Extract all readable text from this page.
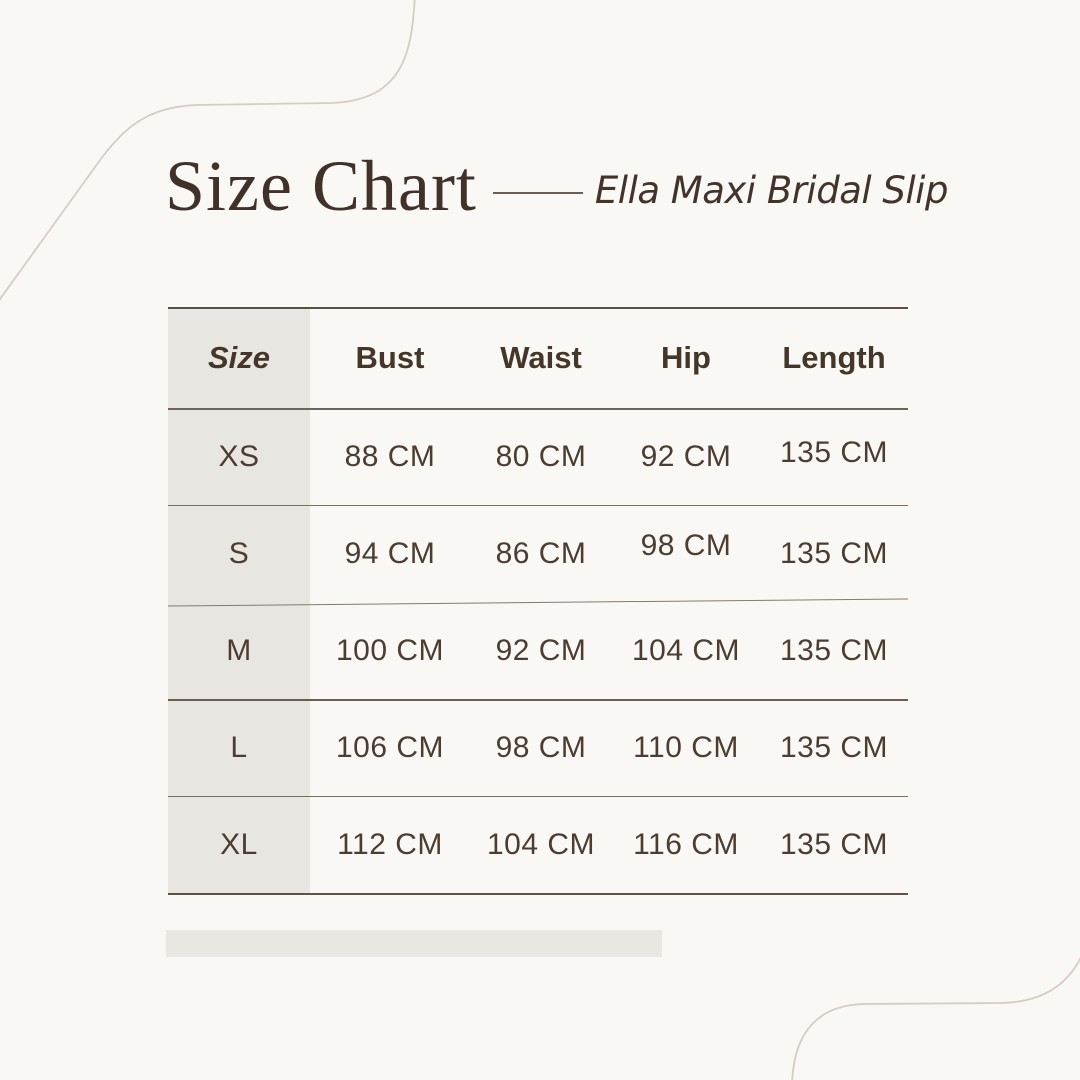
Size Chart	Ella Maxi Bridal Slip
Size	Bust	Waist	Hip	Length
XS	88 CM	80 CM	92 CM	135 CM
S	94 CM	86 CM	98 CM	135 CM
M	100 CM	92 CM	104 CM	135 CM
L	106 CM	98 CM	110 CM	135 CM
XL	112 CM	104 CM	116 CM	135 CM
